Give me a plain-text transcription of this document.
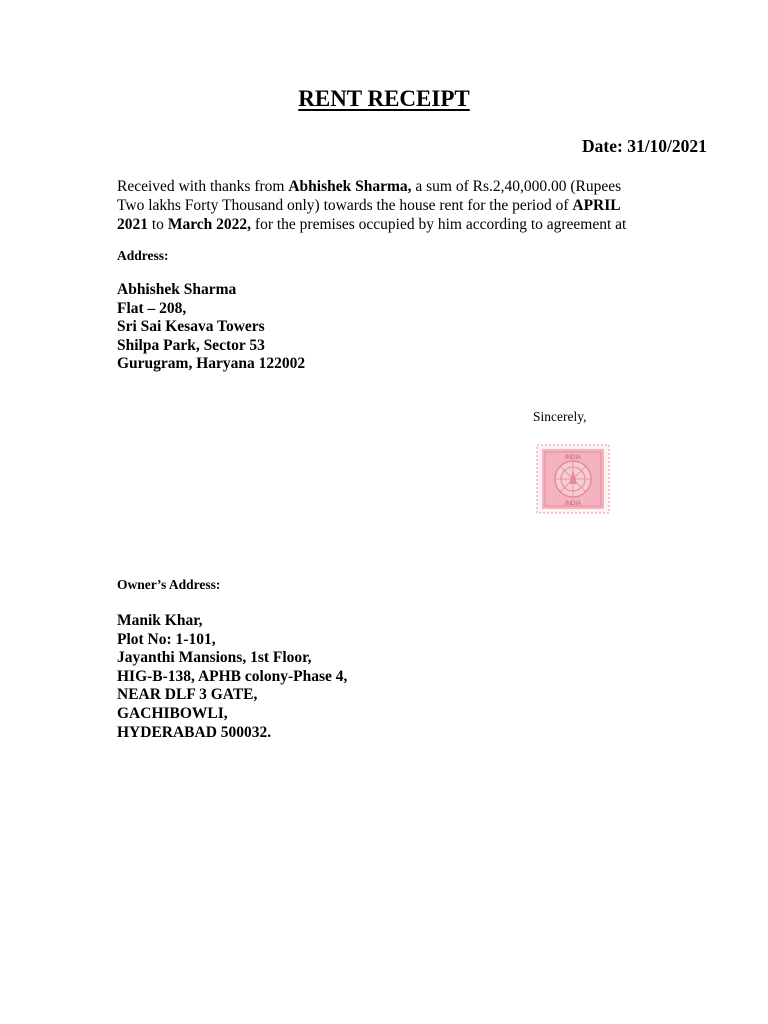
RENT RECEIPT
Date: 31/10/2021
Received with thanks from Abhishek Sharma, a sum of Rs.2,40,000.00 (Rupees
Two lakhs Forty Thousand only) towards the house rent for the period of APRIL
2021 to March 2022, for the premises occupied by him according to agreement at
Address:
Abhishek Sharma
Flat – 208,
Sri Sai Kesava Towers
Shilpa Park, Sector 53
Gurugram, Haryana 122002
Sincerely,
INDIA
INDIA
Owner’s Address:
Manik Khar,
Plot No: 1-101,
Jayanthi Mansions, 1st Floor,
HIG-B-138, APHB colony-Phase 4,
NEAR DLF 3 GATE,
GACHIBOWLI,
HYDERABAD 500032.
